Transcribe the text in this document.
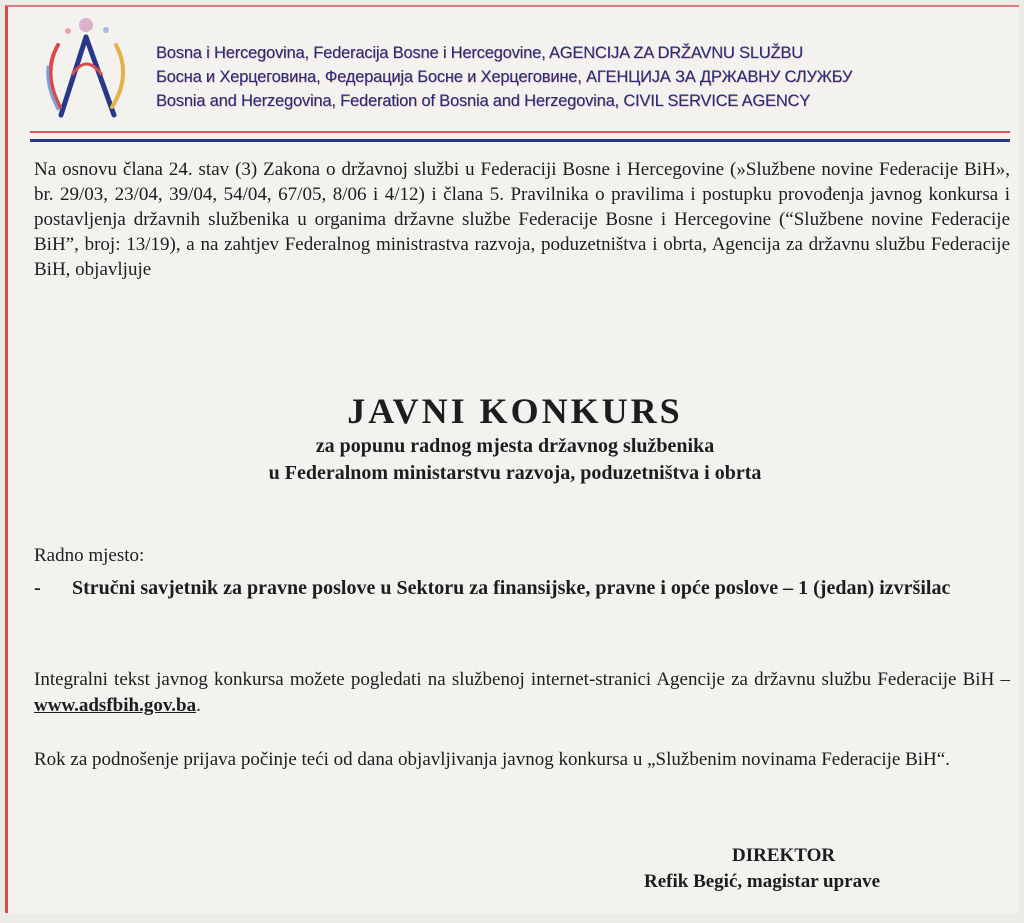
Bosna i Hercegovina, Federacija Bosne i Hercegovine, AGENCIJA ZA DRŽAVNU SLUŽBU
Босна и Херцеговина, Федерација Босне и Херцеговине, АГЕНЦИЈА ЗА ДРЖАВНУ СЛУЖБУ
Bosnia and Herzegovina, Federation of Bosnia and Herzegovina, CIVIL SERVICE AGENCY
Na osnovu člana 24. stav (3) Zakona o državnoj službi u Federaciji Bosne i Hercegovine (»Službene novine Federacije BiH», br. 29/03, 23/04, 39/04, 54/04, 67/05, 8/06 i 4/12) i člana 5. Pravilnika o pravilima i postupku provođenja javnog konkursa i postavljenja državnih službenika u organima državne službe Federacije Bosne i Hercegovine (“Službene novine Federacije BiH”, broj: 13/19), a na zahtjev Federalnog ministrastva razvoja, poduzetništva i obrta, Agencija za državnu službu Federacije BiH, objavljuje
JAVNI KONKURS
za popunu radnog mjesta državnog službenika
u Federalnom ministarstvu razvoja, poduzetništva i obrta
Radno mjesto:
- Stručni savjetnik za pravne poslove u Sektoru za finansijske, pravne i opće poslove – 1 (jedan) izvršilac
Integralni tekst javnog konkursa možete pogledati na službenoj internet-stranici Agencije za državnu službu Federacije BiH – www.adsfbih.gov.ba.
Rok za podnošenje prijava počinje teći od dana objavljivanja javnog konkursa u „Službenim novinama Federacije BiH“.
DIREKTOR
Refik Begić, magistar uprave
